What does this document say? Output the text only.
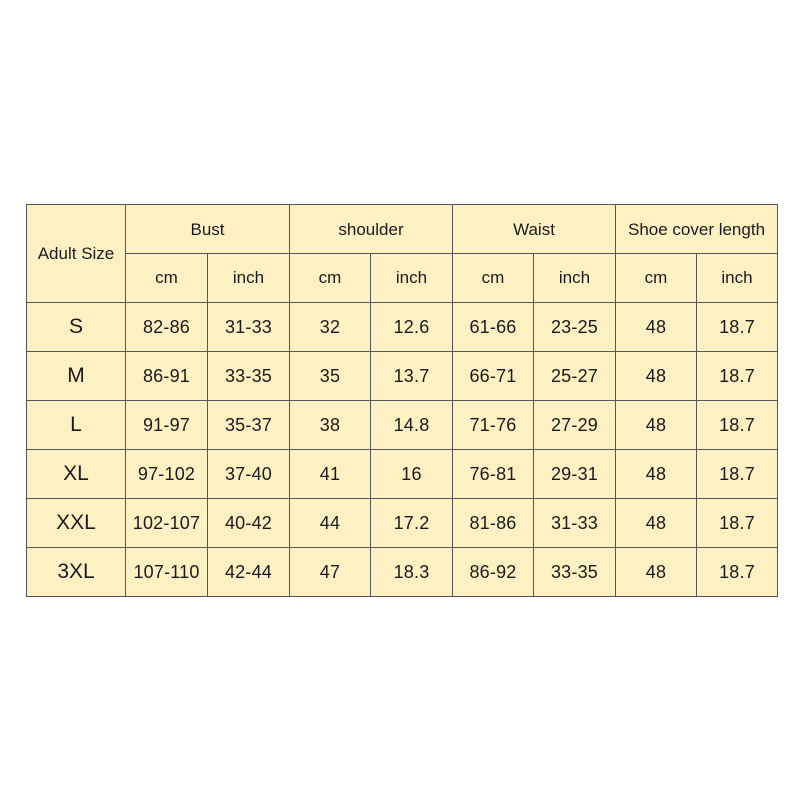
Adult Size	Bust		shoulder		Waist		Shoe cover length	
	cm	inch	cm	inch	cm	inch	cm	inch
S	82-86	31-33	32	12.6	61-66	23-25	48	18.7
M	86-91	33-35	35	13.7	66-71	25-27	48	18.7
L	91-97	35-37	38	14.8	71-76	27-29	48	18.7
XL	97-102	37-40	41	16	76-81	29-31	48	18.7
XXL	102-107	40-42	44	17.2	81-86	31-33	48	18.7
3XL	107-110	42-44	47	18.3	86-92	33-35	48	18.7
